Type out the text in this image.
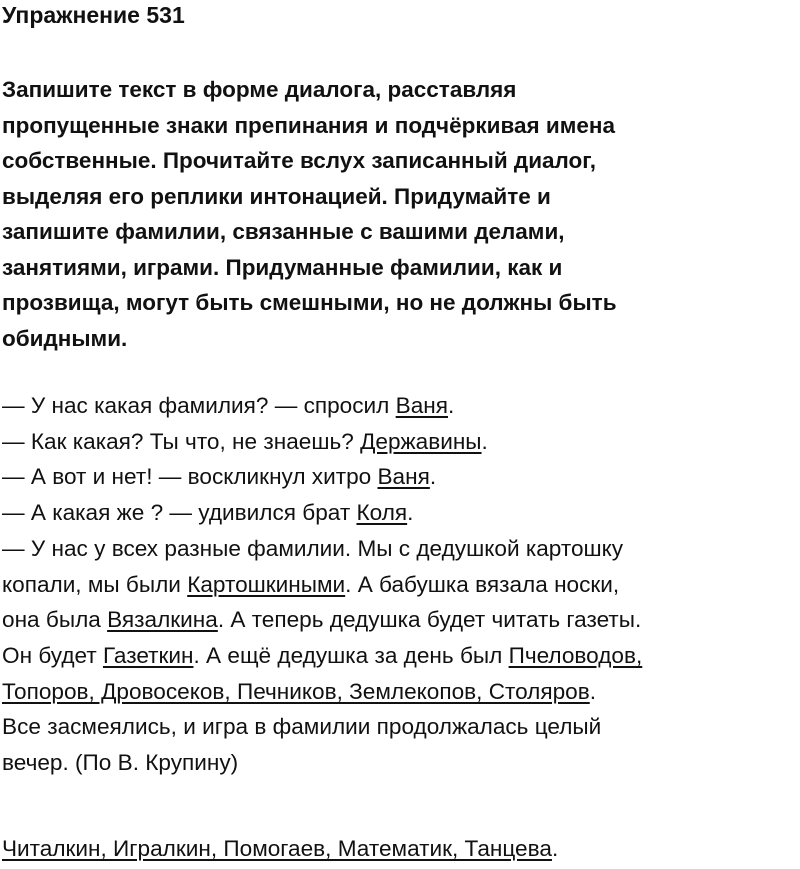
Упражнение 531
Запишите текст в форме диалога, расставляя
пропущенные знаки препинания и подчёркивая имена
собственные. Прочитайте вслух записанный диалог,
выделяя его реплики интонацией. Придумайте и
запишите фамилии, связанные с вашими делами,
занятиями, играми. Придуманные фамилии, как и
прозвища, могут быть смешными, но не должны быть
обидными.
— У нас какая фамилия? — спросил Ваня.
— Как какая? Ты что, не знаешь? Державины.
— А вот и нет! — воскликнул хитро Ваня.
— А какая же ? — удивился брат Коля.
— У нас у всех разные фамилии. Мы с дедушкой картошку
копали, мы были Картошкиными. А бабушка вязала носки,
она была Вязалкина. А теперь дедушка будет читать газеты.
Он будет Газеткин. А ещё дедушка за день был Пчеловодов,
Топоров, Дровосеков, Печников, Землекопов, Столяров.
Все засмеялись, и игра в фамилии продолжалась целый
вечер. (По В. Крупину)
Читалкин, Игралкин, Помогаев, Математик, Танцева.
